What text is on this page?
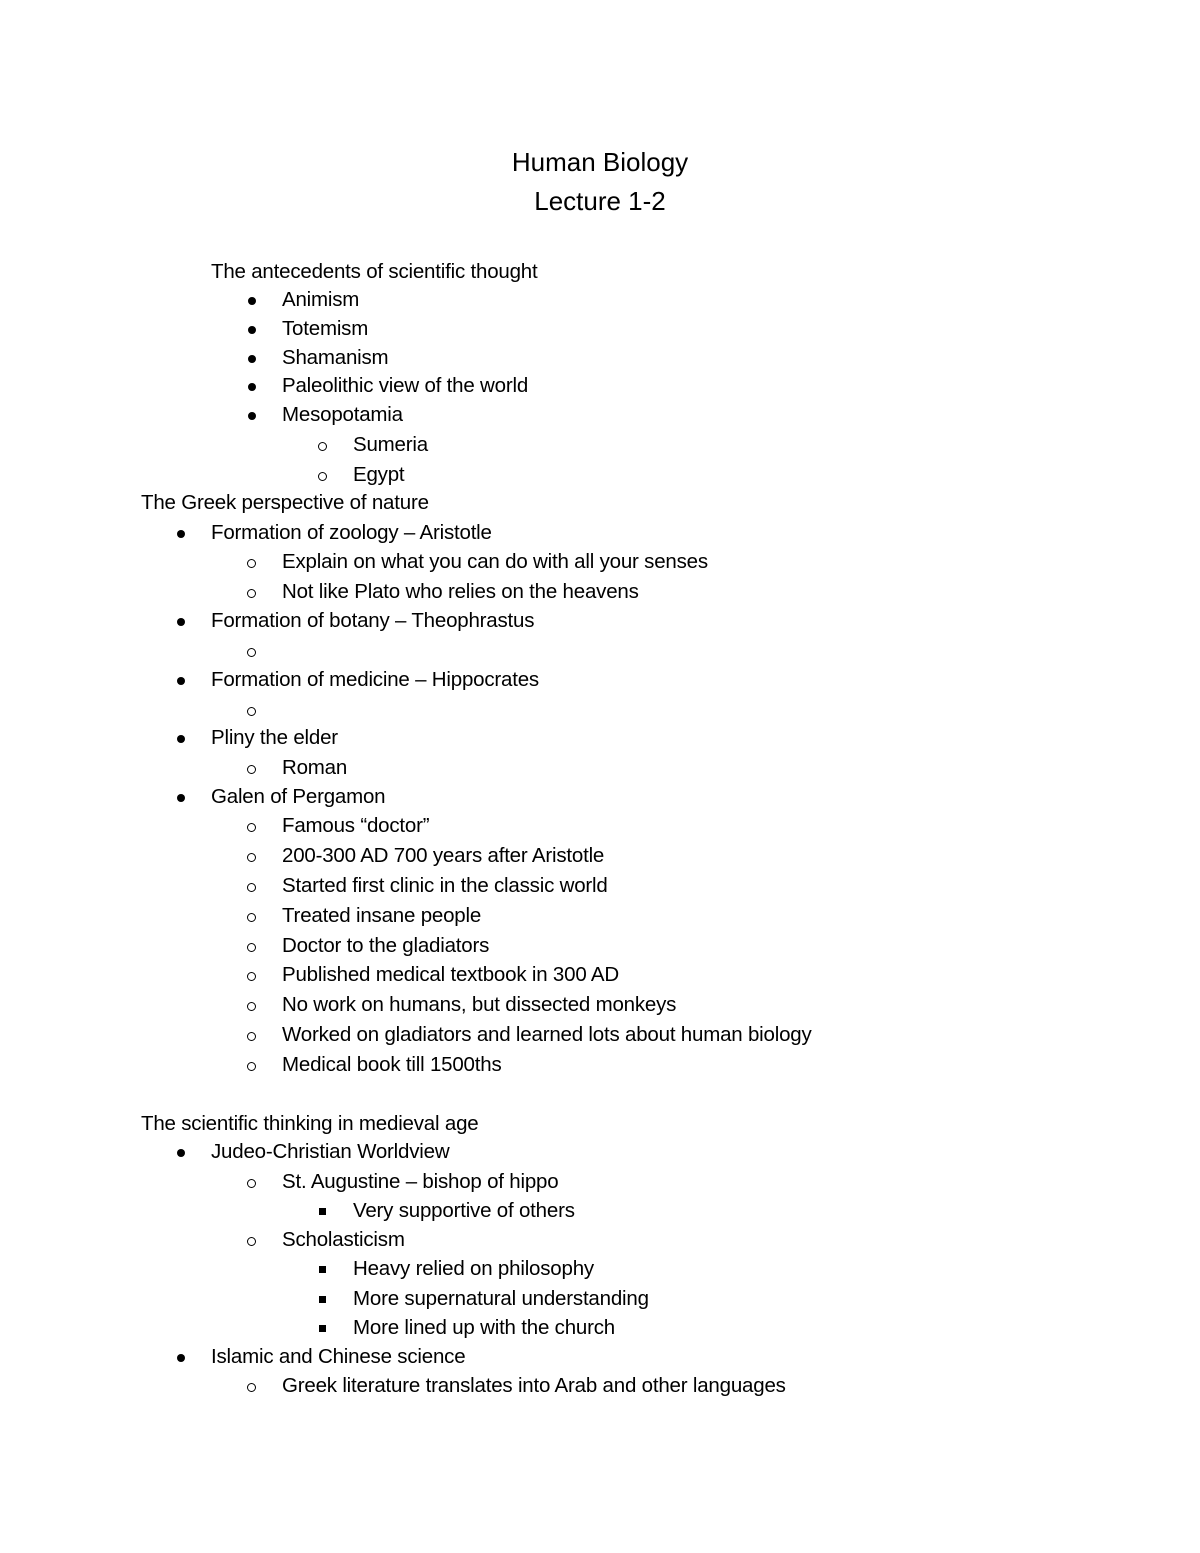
Human Biology
Lecture 1-2
The antecedents of scientific thought
Animism
Totemism
Shamanism
Paleolithic view of the world
Mesopotamia
Sumeria
Egypt
The Greek perspective of nature
Formation of zoology – Aristotle
Explain on what you can do with all your senses
Not like Plato who relies on the heavens
Formation of botany – Theophrastus
Formation of medicine – Hippocrates
Pliny the elder
Roman
Galen of Pergamon
Famous “doctor”
200-300 AD 700 years after Aristotle
Started first clinic in the classic world
Treated insane people
Doctor to the gladiators
Published medical textbook in 300 AD
No work on humans, but dissected monkeys
Worked on gladiators and learned lots about human biology
Medical book till 1500ths
The scientific thinking in medieval age
Judeo-Christian Worldview
St. Augustine – bishop of hippo
Very supportive of others
Scholasticism
Heavy relied on philosophy
More supernatural understanding
More lined up with the church
Islamic and Chinese science
Greek literature translates into Arab and other languages
